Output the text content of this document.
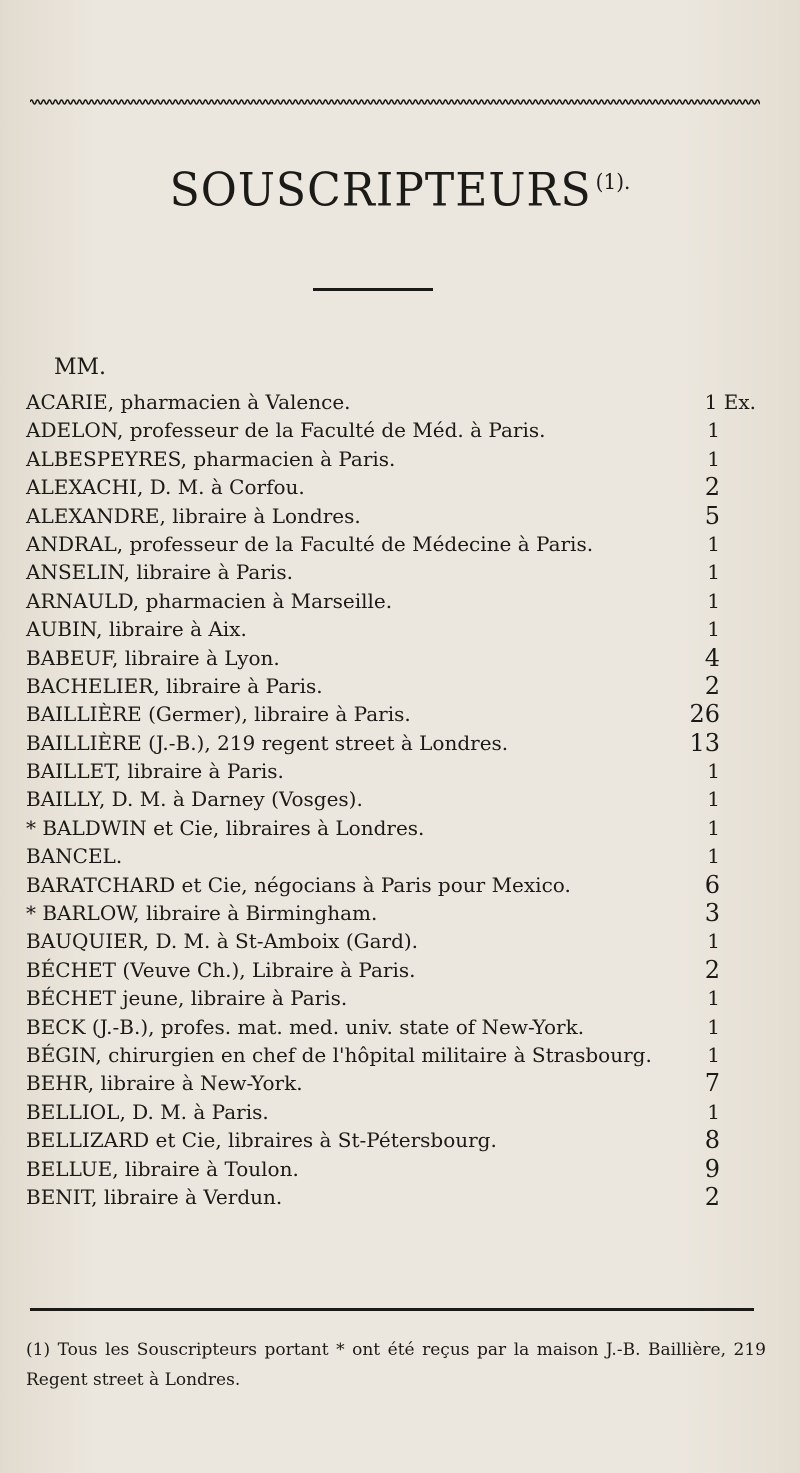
SOUSCRIPTEURS $^{(1).}$
MM.
ACARIE, pharmacien à Valence.	1 Ex.
ADELON, professeur de la Faculté de Méd. à Paris.	1
ALBESPEYRES, pharmacien à Paris.	1
ALEXACHI, D. M. à Corfou.	2
ALEXANDRE, libraire à Londres.	5
ANDRAL, professeur de la Faculté de Médecine à Paris.	1
ANSELIN, libraire à Paris.	1
ARNAULD, pharmacien à Marseille.	1
AUBIN, libraire à Aix.	1
BABEUF, libraire à Lyon.	4
BACHELIER, libraire à Paris.	2
BAILLIÈRE (Germer), libraire à Paris.	26
BAILLIÈRE (J.-B.), 219 regent street à Londres.	13
BAILLET, libraire à Paris.	1
BAILLY, D. M. à Darney (Vosges).	1
* BALDWIN et Cie, libraires à Londres.	1
BANCEL.	1
BARATCHARD et Cie, négocians à Paris pour Mexico.	6
* BARLOW, libraire à Birmingham.	3
BAUQUIER, D. M. à St-Amboix (Gard).	1
BÉCHET (Veuve Ch.), Libraire à Paris.	2
BÉCHET jeune, libraire à Paris.	1
BECK (J.-B.), profes. mat. med. univ. state of New-York.	1
BÉGIN, chirurgien en chef de l'hôpital militaire à Strasbourg.	1
BEHR, libraire à New-York.	7
BELLIOL, D. M. à Paris.	1
BELLIZARD et Cie, libraires à St-Pétersbourg.	8
BELLUE, libraire à Toulon.	9
BENIT, libraire à Verdun.	2
(1) Tous les Souscripteurs portant * ont été reçus par la maison J.-B. Baillière, 219 Regent street à Londres.
